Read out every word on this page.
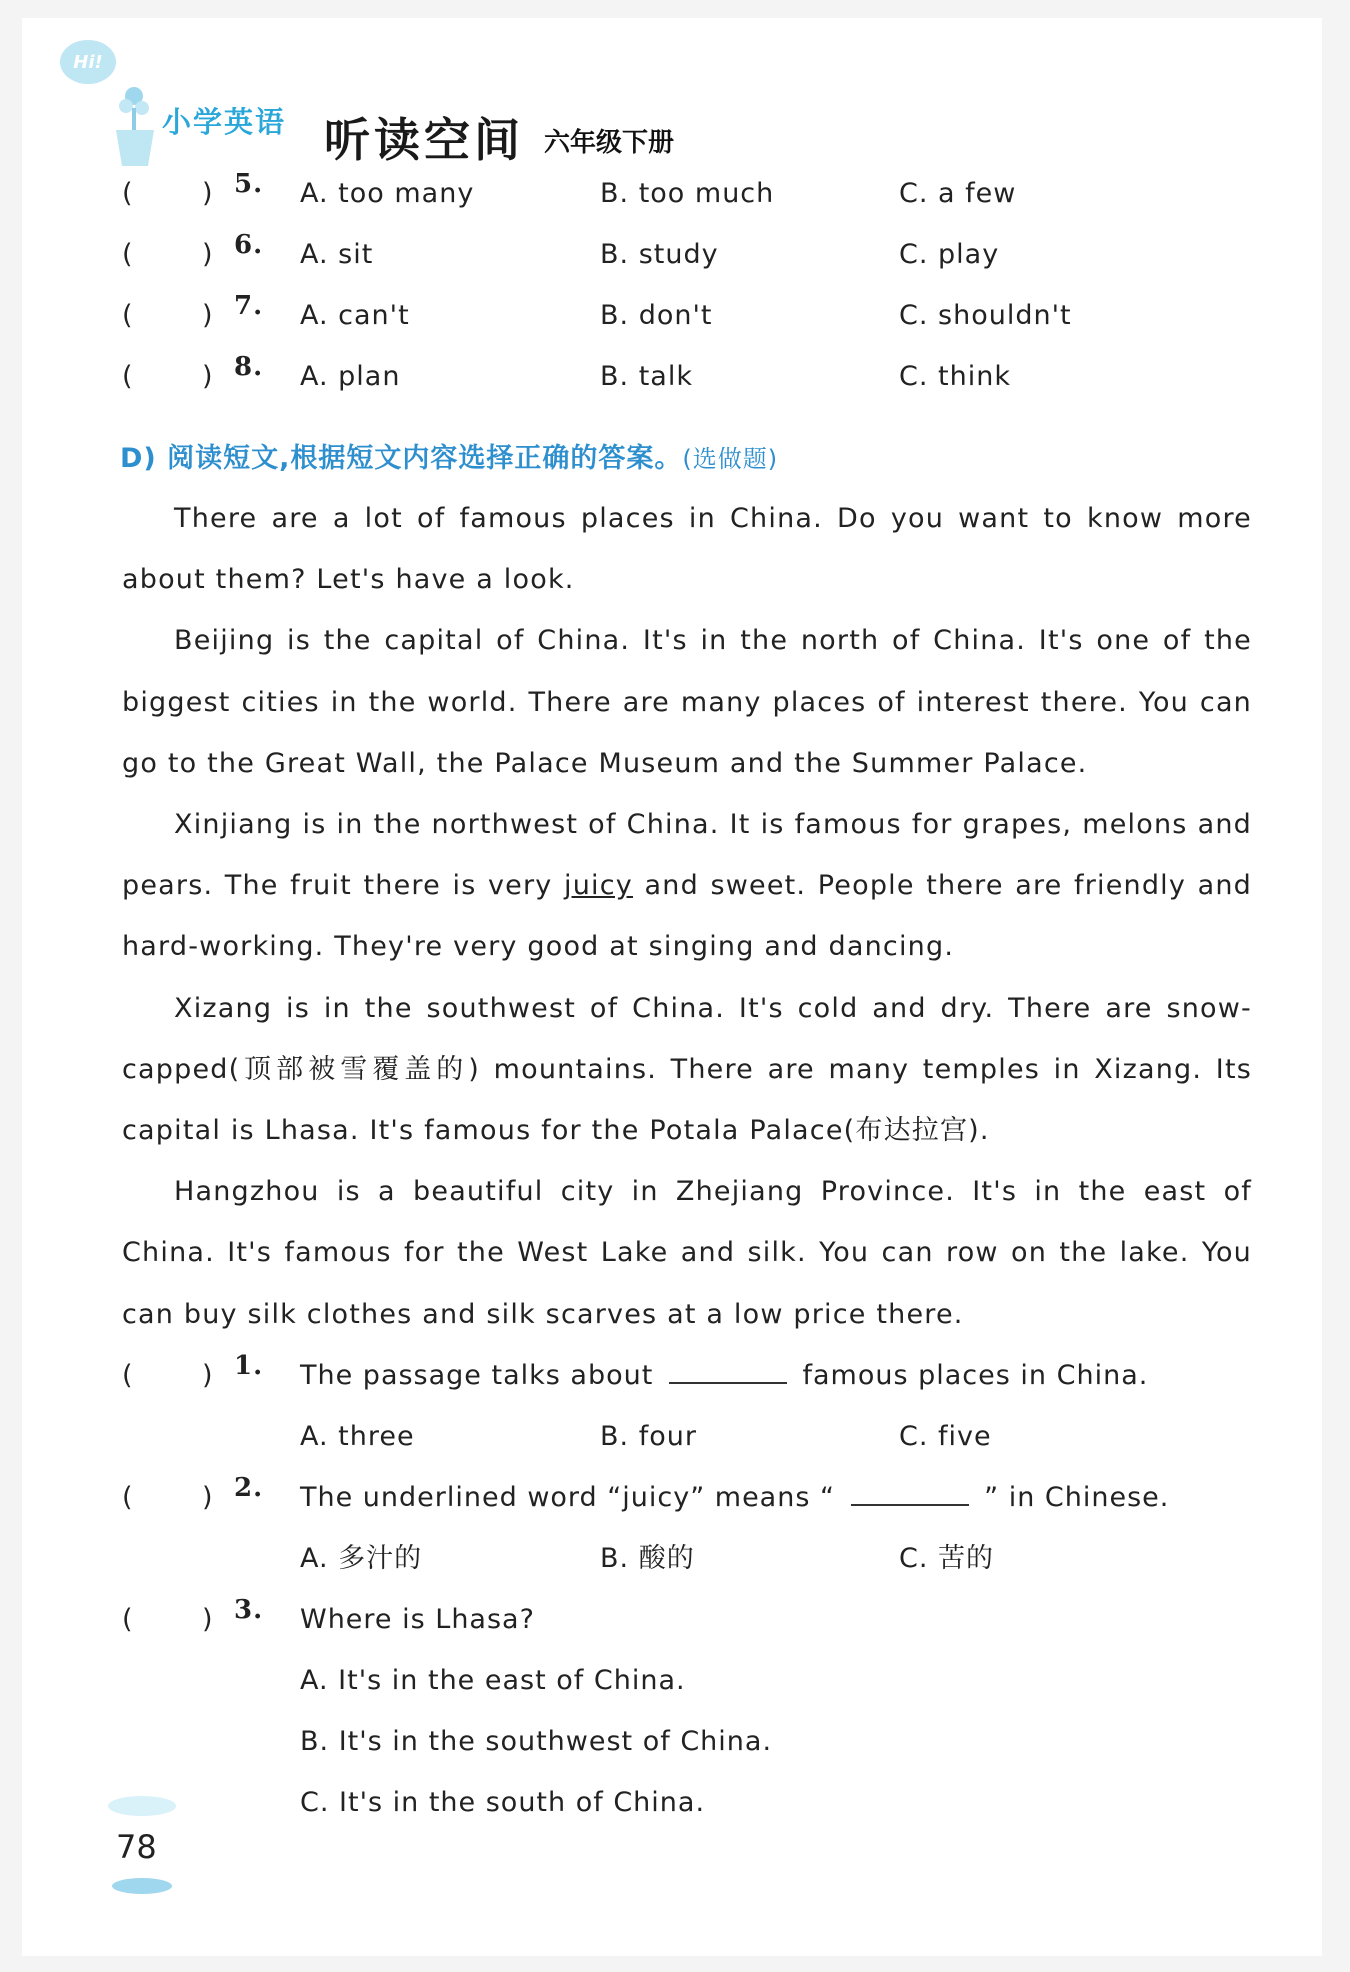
Hi!
小学英语 听读空间 六年级下册
(	) 5. A. too many	B. too much	C. a few
(	) 6. A. sit	B. study	C. play
(	) 7. A. can't	B. don't	C. shouldn't
(	) 8. A. plan	B. talk	C. think
D) 阅读短文,根据短文内容选择正确的答案。(选做题)

There are a lot of famous places in China. Do you want to know more about them? Let's have a look.

Beijing is the capital of China. It's in the north of China. It's one of the biggest cities in the world. There are many places of interest there. You can go to the Great Wall, the Palace Museum and the Summer Palace.

Xinjiang is in the northwest of China. It is famous for grapes, melons and pears. The fruit there is very juicy and sweet. People there are friendly and hard-working. They're very good at singing and dancing.

Xizang is in the southwest of China. It's cold and dry. There are snow-capped(顶部被雪覆盖的) mountains. There are many temples in Xizang. Its capital is Lhasa. It's famous for the Potala Palace(布达拉宫).

Hangzhou is a beautiful city in Zhejiang Province. It's in the east of China. It's famous for the West Lake and silk. You can row on the lake. You can buy silk clothes and silk scarves at a low price there.

78
(	) 1. The passage talks about	famous places in China.
A. three	B. four	C. five
(	) 2. The underlined word “juicy” means “	” in Chinese.
A. 多汁的	B. 酸的	C. 苦的
(	) 3. Where is Lhasa?
A. It's in the east of China.
B. It's in the southwest of China.
C. It's in the south of China.
